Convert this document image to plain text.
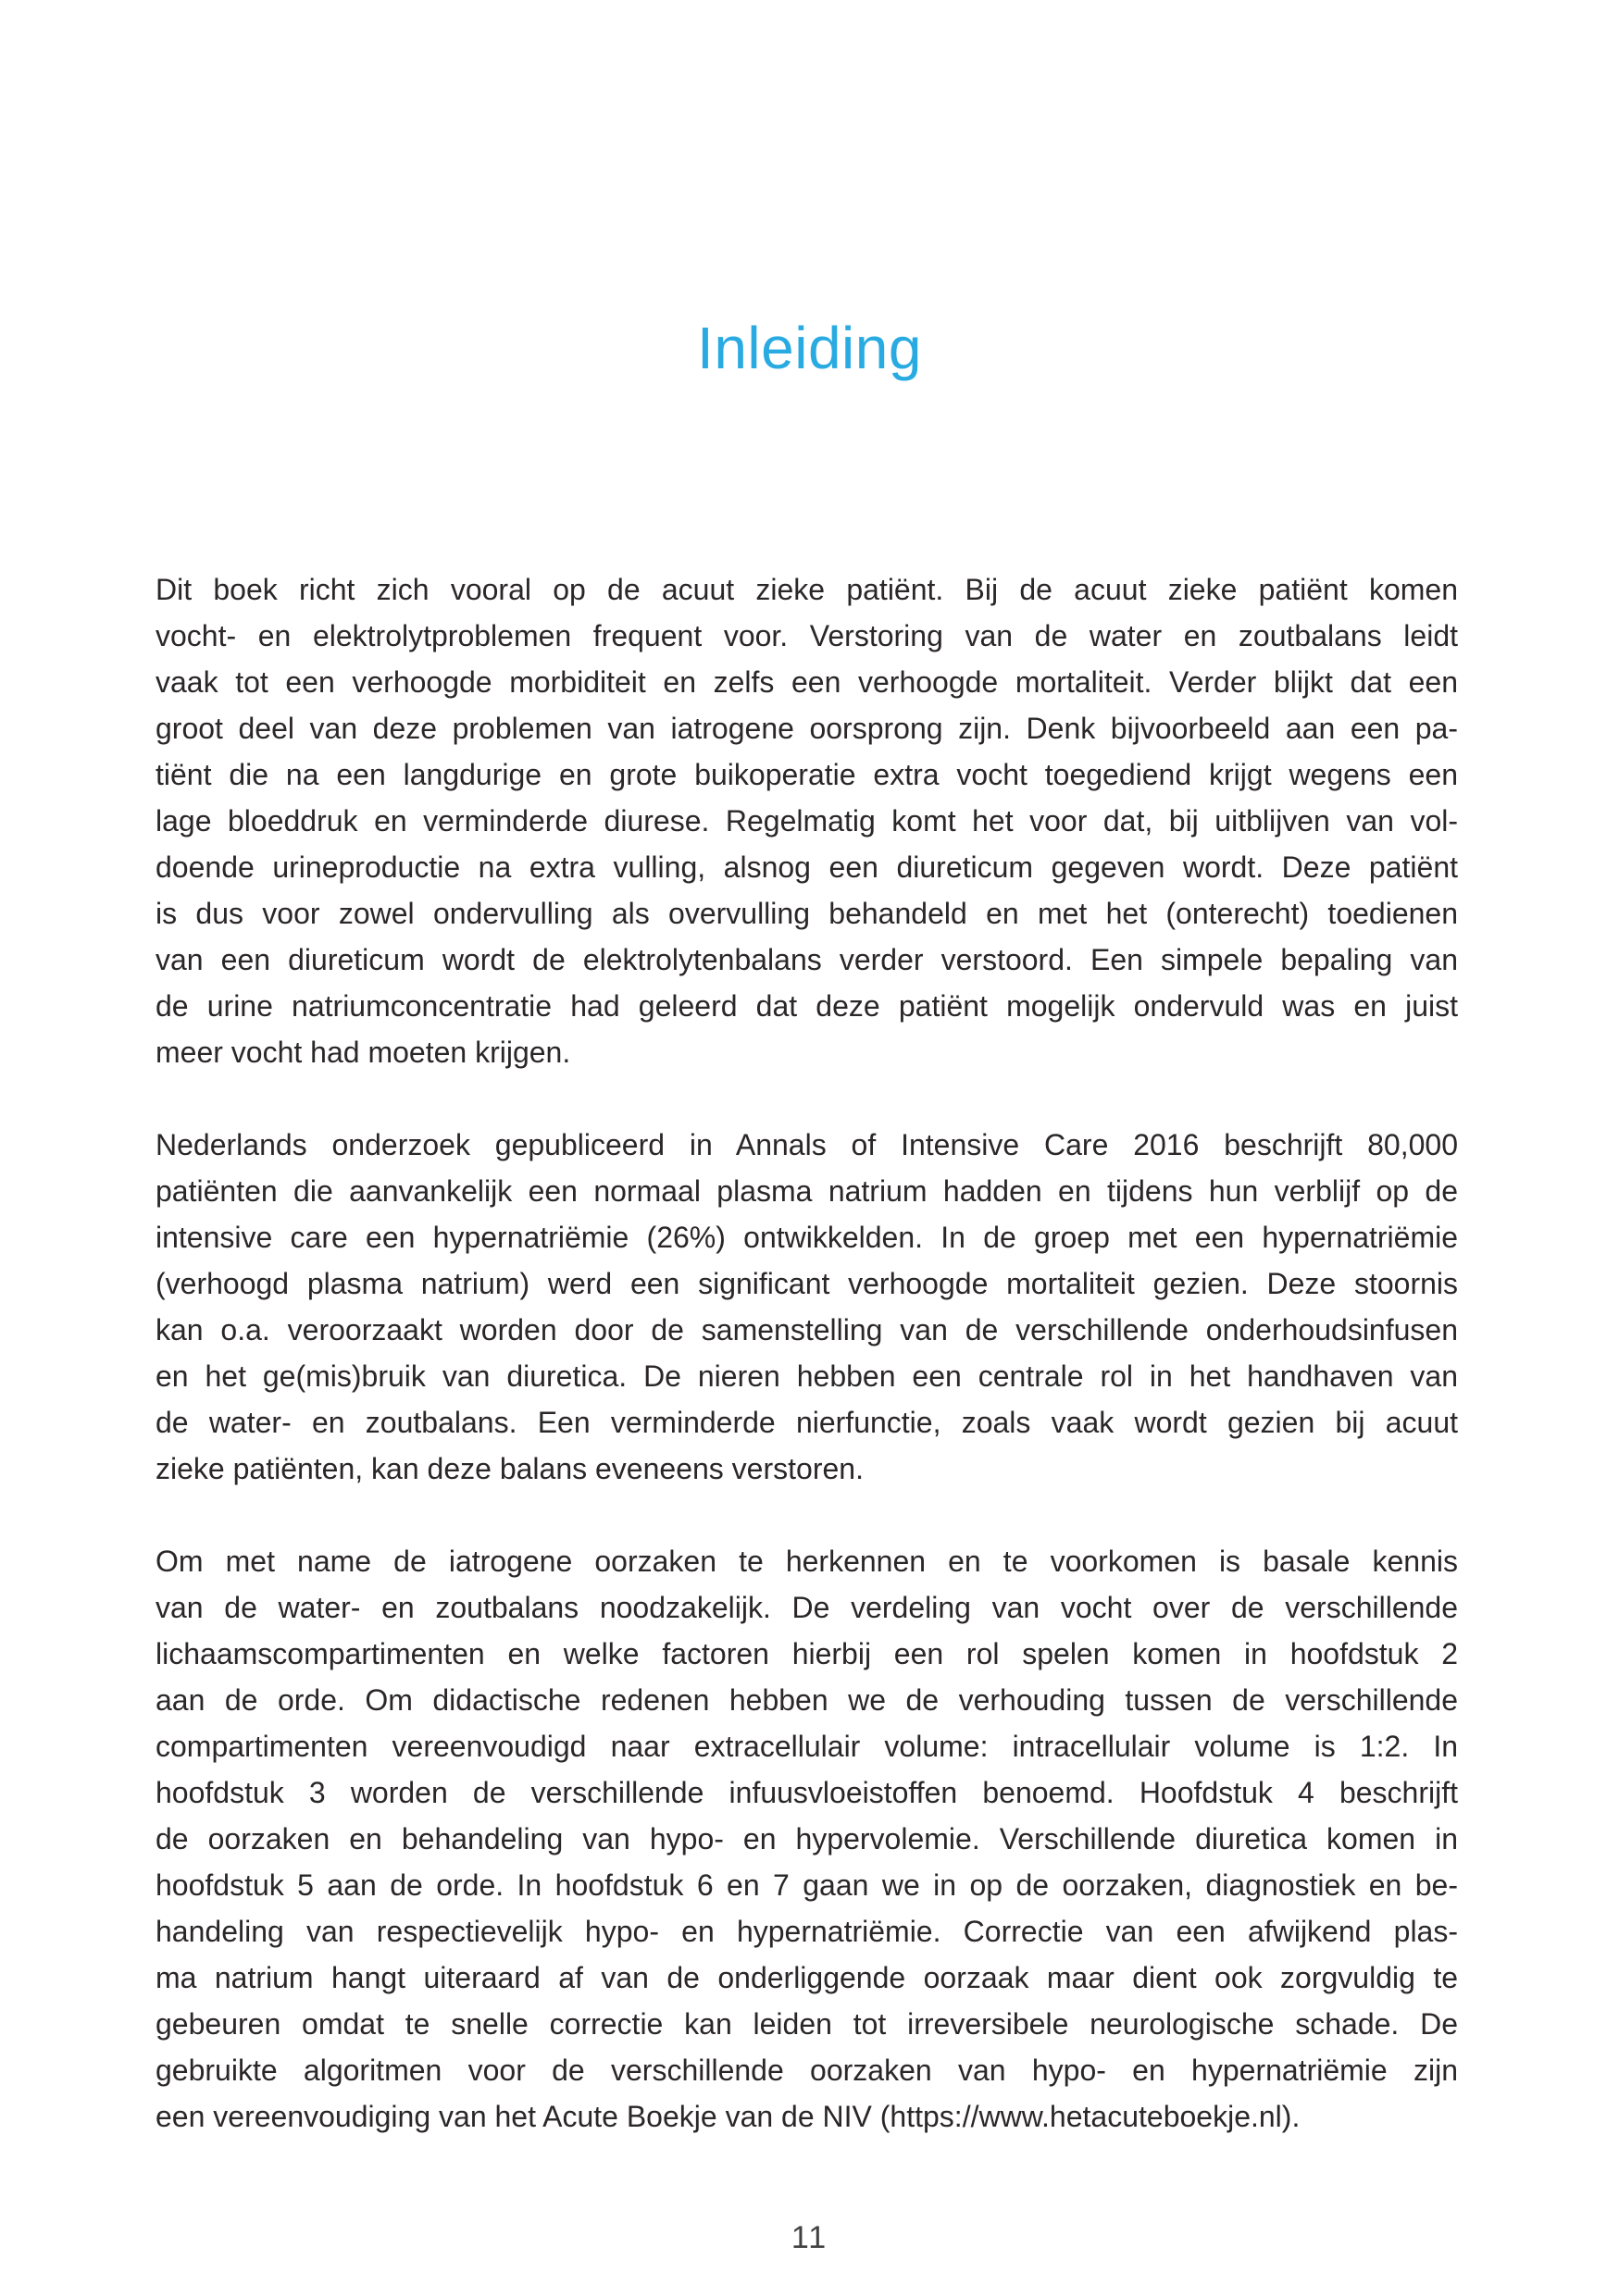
Inleiding

Dit boek richt zich vooral op de acuut zieke patiënt. Bij de acuut zieke patiënt komen
vocht- en elektrolytproblemen frequent voor. Verstoring van de water en zoutbalans leidt
vaak tot een verhoogde morbiditeit en zelfs een verhoogde mortaliteit. Verder blijkt dat een
groot deel van deze problemen van iatrogene oorsprong zijn. Denk bijvoorbeeld aan een pa-
tiënt die na een langdurige en grote buikoperatie extra vocht toegediend krijgt wegens een
lage bloeddruk en verminderde diurese. Regelmatig komt het voor dat, bij uitblijven van vol-
doende urineproductie na extra vulling, alsnog een diureticum gegeven wordt. Deze patiënt
is dus voor zowel ondervulling als overvulling behandeld en met het (onterecht) toedienen
van een diureticum wordt de elektrolytenbalans verder verstoord. Een simpele bepaling van
de urine natriumconcentratie had geleerd dat deze patiënt mogelijk ondervuld was en juist
meer vocht had moeten krijgen.

Nederlands onderzoek gepubliceerd in Annals of Intensive Care 2016 beschrijft 80,000
patiënten die aanvankelijk een normaal plasma natrium hadden en tijdens hun verblijf op de
intensive care een hypernatriëmie (26%) ontwikkelden. In de groep met een hypernatriëmie
(verhoogd plasma natrium) werd een significant verhoogde mortaliteit gezien. Deze stoornis
kan o.a. veroorzaakt worden door de samenstelling van de verschillende onderhoudsinfusen
en het ge(mis)bruik van diuretica. De nieren hebben een centrale rol in het handhaven van
de water- en zoutbalans. Een verminderde nierfunctie, zoals vaak wordt gezien bij acuut
zieke patiënten, kan deze balans eveneens verstoren.

Om met name de iatrogene oorzaken te herkennen en te voorkomen is basale kennis
van de water- en zoutbalans noodzakelijk. De verdeling van vocht over de verschillende
lichaamscompartimenten en welke factoren hierbij een rol spelen komen in hoofdstuk 2
aan de orde. Om didactische redenen hebben we de verhouding tussen de verschillende
compartimenten vereenvoudigd naar extracellulair volume: intracellulair volume is 1:2. In
hoofdstuk 3 worden de verschillende infuusvloeistoffen benoemd. Hoofdstuk 4 beschrijft
de oorzaken en behandeling van hypo- en hypervolemie. Verschillende diuretica komen in
hoofdstuk 5 aan de orde. In hoofdstuk 6 en 7 gaan we in op de oorzaken, diagnostiek en be-
handeling van respectievelijk hypo- en hypernatriëmie. Correctie van een afwijkend plas-
ma natrium hangt uiteraard af van de onderliggende oorzaak maar dient ook zorgvuldig te
gebeuren omdat te snelle correctie kan leiden tot irreversibele neurologische schade. De
gebruikte algoritmen voor de verschillende oorzaken van hypo- en hypernatriëmie zijn
een vereenvoudiging van het Acute Boekje van de NIV (https://www.hetacuteboekje.nl).

11
